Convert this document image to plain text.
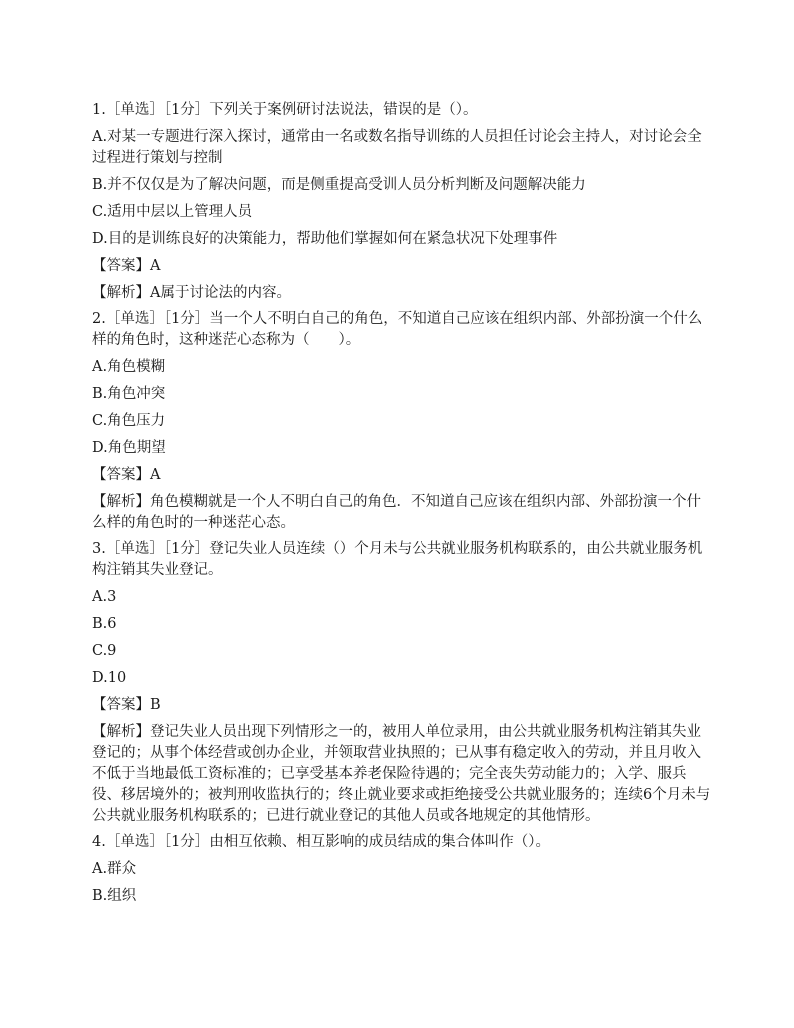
1.［单选］［1分］下列关于案例研讨法说法，错误的是（）。
A.对某一专题进行深入探讨，通常由一名或数名指导训练的人员担任讨论会主持人，对讨论会全过程进行策划与控制
B.并不仅仅是为了解决问题，而是侧重提高受训人员分析判断及问题解决能力
C.适用中层以上管理人员
D.目的是训练良好的决策能力，帮助他们掌握如何在紧急状况下处理事件
【答案】A
【解析】A属于讨论法的内容。
2.［单选］［1分］当一个人不明白自己的角色，不知道自己应该在组织内部、外部扮演一个什么样的角色时，这种迷茫心态称为（　　）。
A.角色模糊
B.角色冲突
C.角色压力
D.角色期望
【答案】A
【解析】角色模糊就是一个人不明白自己的角色．不知道自己应该在组织内部、外部扮演一个什么样的角色时的一种迷茫心态。
3.［单选］［1分］登记失业人员连续（）个月未与公共就业服务机构联系的，由公共就业服务机构注销其失业登记。
A.3
B.6
C.9
D.10
【答案】B
【解析】登记失业人员出现下列情形之一的，被用人单位录用，由公共就业服务机构注销其失业登记的；从事个体经营或创办企业，并领取营业执照的；已从事有稳定收入的劳动，并且月收入不低于当地最低工资标准的；已享受基本养老保险待遇的；完全丧失劳动能力的；入学、服兵役、移居境外的；被判刑收监执行的；终止就业要求或拒绝接受公共就业服务的；连续6个月未与公共就业服务机构联系的；已进行就业登记的其他人员或各地规定的其他情形。
4.［单选］［1分］由相互依赖、相互影响的成员结成的集合体叫作（）。
A.群众
B.组织
